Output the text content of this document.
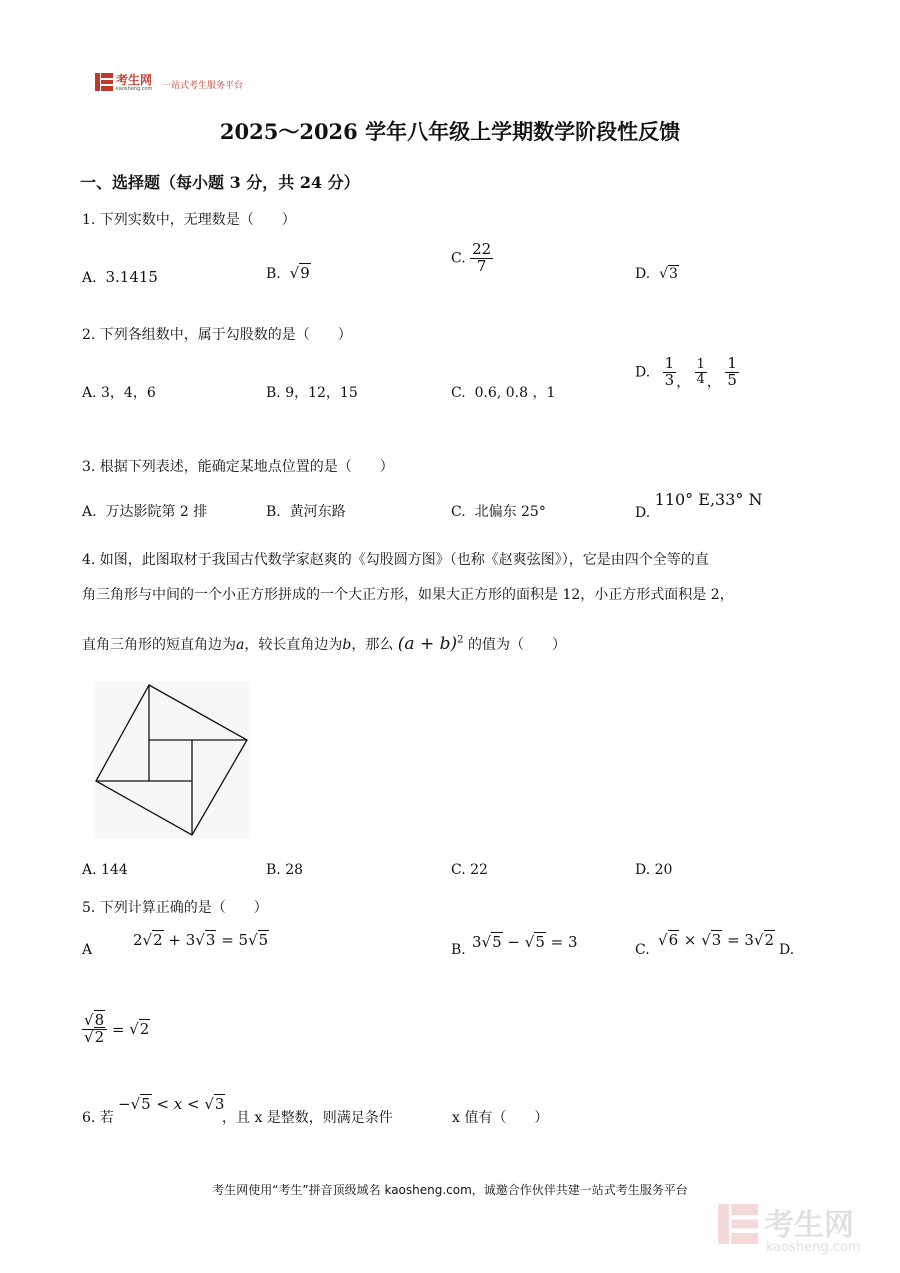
考生网
kaosheng.com 一站式考生服务平台
2025～2026 学年八年级上学期数学阶段性反馈
一、选择题（每小题 3 分，共 24 分）
1. 下列实数中，无理数是（　　）
A. 3.1415	B. √9
C. $\frac{22}{7}$	D. √3
2. 下列各组数中，属于勾股数的是（　　）
A. 3，4，6	B. 9，12，15	C. 0.6, 0.8 ，1
D. $\frac{1}{3}$ ， $\frac{1}{4}$ ， $\frac{1}{5}$
3. 根据下列表述，能确定某地点位置的是（　　）
A. 万达影院第 2 排	B. 黄河东路	C. 北偏东 25°	D. 110° E,33° N
4. 如图，此图取材于我国古代数学家赵爽的《勾股圆方图》（也称《赵爽弦图》），它是由四个全等的直
角三角形与中间的一个小正方形拼成的一个大正方形，如果大正方形的面积是 12，小正方形式面积是 2，
直角三角形的短直角边为a，较长直角边为b，那么 $(a + b)^2$ 的值为（　　）
A. 144	B. 28	C. 22	D. 20
5. 下列计算正确的是（　　）
A
2√2 + 3√3 = 5√5
B. 3√5 − √5 = 3	C.
√6 × √3 = 3√2
D.
$\frac{√8}{√2} = √2$
6. 若
−√5 < x < √3
，且 x 是整数，则满足条件	x 值有（　　）
考生网使用“考生”拼音顶级域名 kaosheng.com，诚邀合作伙伴共建一站式考生服务平台
考生网
kaosheng.com
